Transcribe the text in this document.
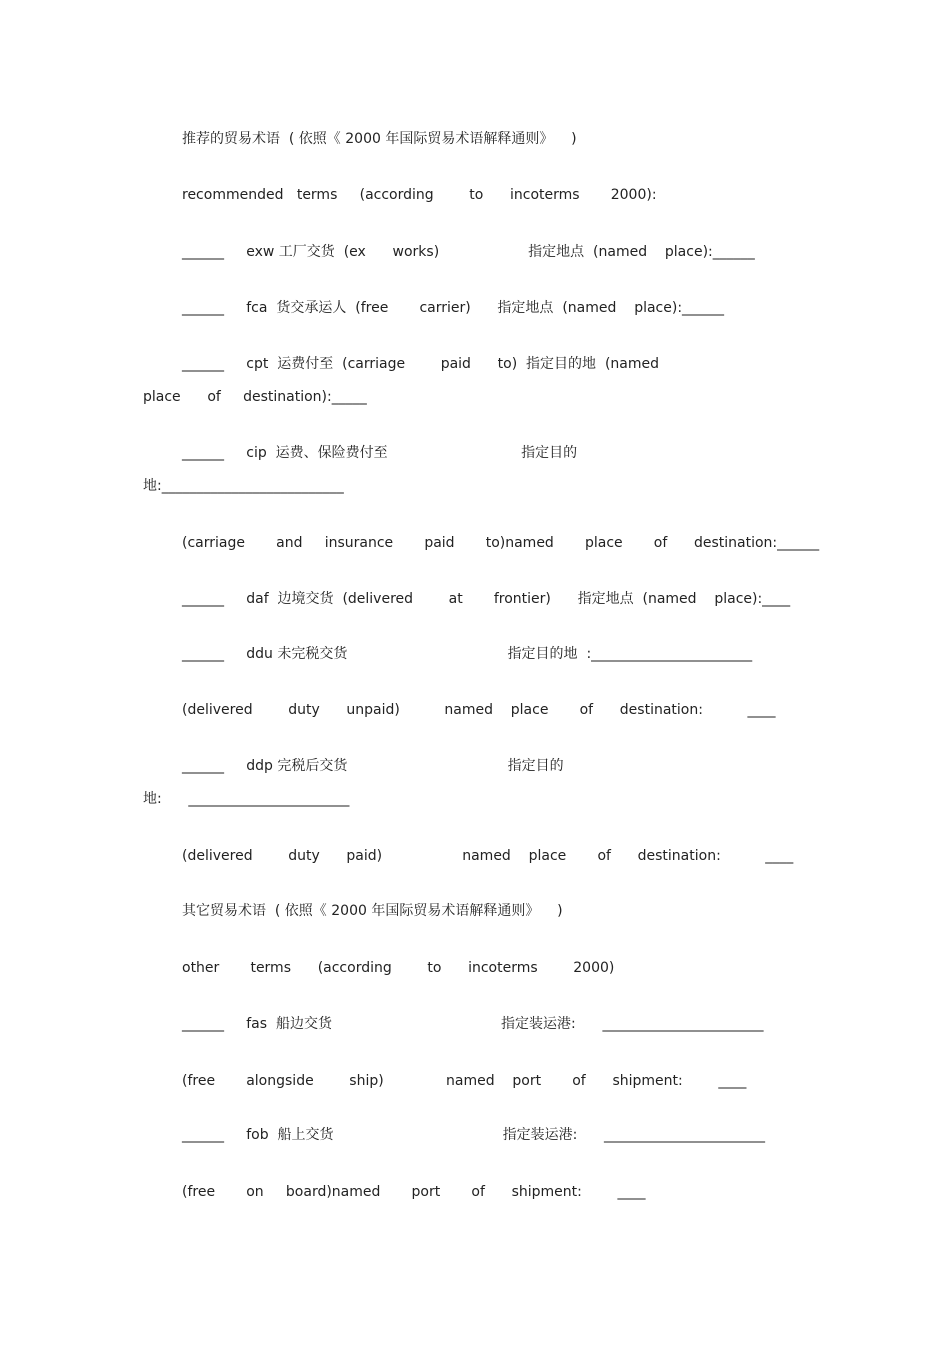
推荐的贸易术语  ( 依照《 2000 年国际贸易术语解释通则》    )
recommended   terms     (according        to      incoterms       2000):
______     exw 工厂交货  (ex      works)                    指定地点  (named    place):______
______     fca  货交承运人  (free       carrier)      指定地点  (named    place):______
______     cpt  运费付至  (carriage        paid      to)  指定目的地  (named
place      of     destination):_____
______     cip  运费、保险费付至                              指定目的
地:__________________________
(carriage       and     insurance       paid       to)named       place       of      destination:______
______     daf  边境交货  (delivered        at       frontier)      指定地点  (named    place):____
______     ddu 未完税交货                                    指定目的地  :_______________________
(delivered        duty      unpaid)          named    place       of      destination:          ____
______     ddp 完税后交货                                    指定目的
地:      _______________________
(delivered        duty      paid)                  named    place       of      destination:          ____
其它贸易术语  ( 依照《 2000 年国际贸易术语解释通则》    )
other       terms      (according        to      incoterms        2000)
______     fas  船边交货                                      指定装运港:      _______________________
(free       alongside        ship)              named    port       of      shipment:        ____
______     fob  船上交货                                      指定装运港:      _______________________
(free       on     board)named       port       of      shipment:        ____
